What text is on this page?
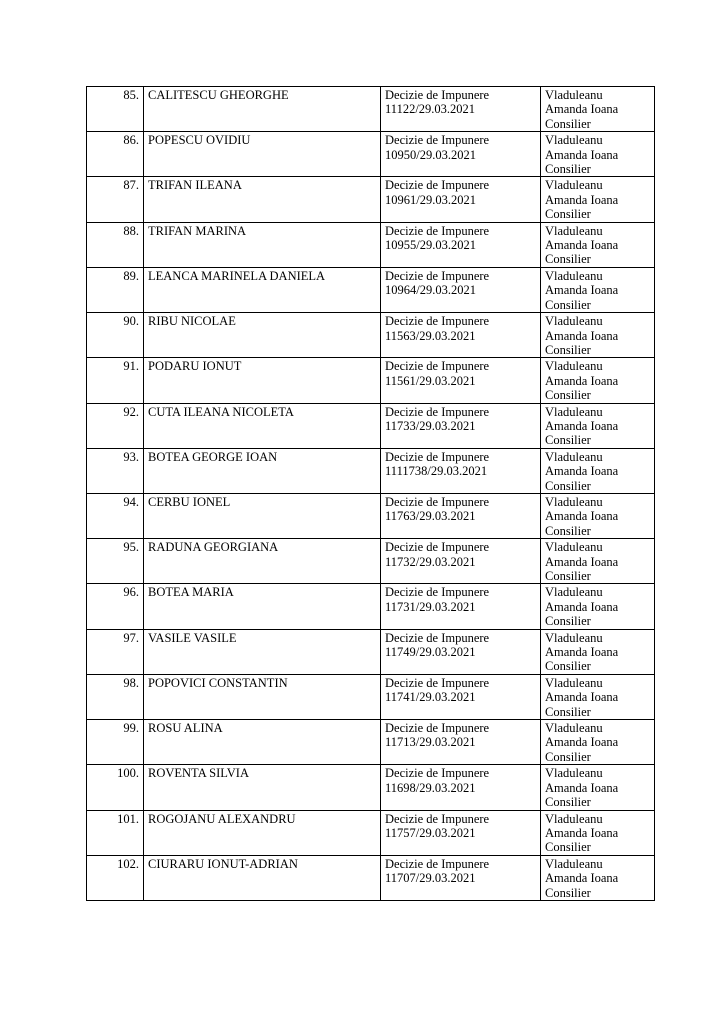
85.	CALITESCU GHEORGHE	Decizie de Impunere
11122/29.03.2021	Vladuleanu
Amanda Ioana
Consilier
86.	POPESCU OVIDIU	Decizie de Impunere
10950/29.03.2021	Vladuleanu
Amanda Ioana
Consilier
87.	TRIFAN ILEANA	Decizie de Impunere
10961/29.03.2021	Vladuleanu
Amanda Ioana
Consilier
88.	TRIFAN MARINA	Decizie de Impunere
10955/29.03.2021	Vladuleanu
Amanda Ioana
Consilier
89.	LEANCA MARINELA DANIELA	Decizie de Impunere
10964/29.03.2021	Vladuleanu
Amanda Ioana
Consilier
90.	RIBU NICOLAE	Decizie de Impunere
11563/29.03.2021	Vladuleanu
Amanda Ioana
Consilier
91.	PODARU IONUT	Decizie de Impunere
11561/29.03.2021	Vladuleanu
Amanda Ioana
Consilier
92.	CUTA ILEANA NICOLETA	Decizie de Impunere
11733/29.03.2021	Vladuleanu
Amanda Ioana
Consilier
93.	BOTEA GEORGE IOAN	Decizie de Impunere
1111738/29.03.2021	Vladuleanu
Amanda Ioana
Consilier
94.	CERBU IONEL	Decizie de Impunere
11763/29.03.2021	Vladuleanu
Amanda Ioana
Consilier
95.	RADUNA GEORGIANA	Decizie de Impunere
11732/29.03.2021	Vladuleanu
Amanda Ioana
Consilier
96.	BOTEA MARIA	Decizie de Impunere
11731/29.03.2021	Vladuleanu
Amanda Ioana
Consilier
97.	VASILE VASILE	Decizie de Impunere
11749/29.03.2021	Vladuleanu
Amanda Ioana
Consilier
98.	POPOVICI CONSTANTIN	Decizie de Impunere
11741/29.03.2021	Vladuleanu
Amanda Ioana
Consilier
99.	ROSU ALINA	Decizie de Impunere
11713/29.03.2021	Vladuleanu
Amanda Ioana
Consilier
100.	ROVENTA SILVIA	Decizie de Impunere
11698/29.03.2021	Vladuleanu
Amanda Ioana
Consilier
101.	ROGOJANU ALEXANDRU	Decizie de Impunere
11757/29.03.2021	Vladuleanu
Amanda Ioana
Consilier
102.	CIURARU IONUT-ADRIAN	Decizie de Impunere
11707/29.03.2021	Vladuleanu
Amanda Ioana
Consilier
